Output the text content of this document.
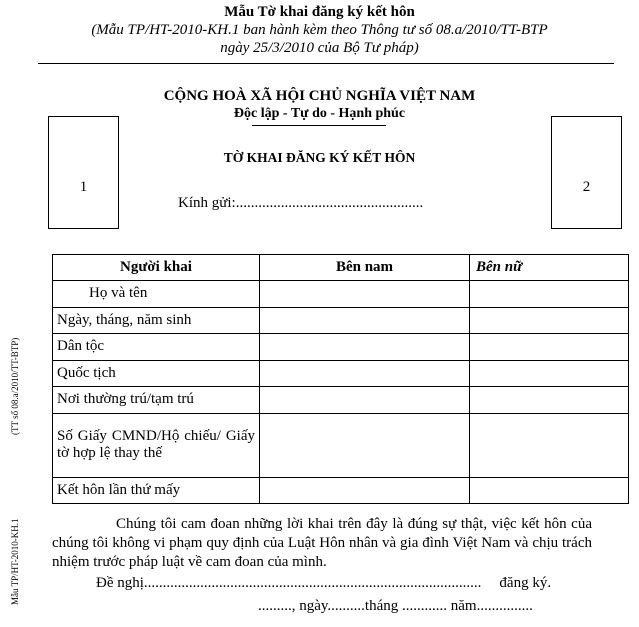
Mẫu Tờ khai đăng ký kết hôn
(Mẫu TP/HT-2010-KH.1 ban hành kèm theo Thông tư số 08.a/2010/TT-BTP
ngày 25/3/2010 của Bộ Tư pháp)
CỘNG HOÀ XÃ HỘI CHỦ NGHĨA VIỆT NAM
Độc lập - Tự do - Hạnh phúc
1	2
TỜ KHAI ĐĂNG KÝ KẾT HÔN
Kính gửi:..................................................
Người khai	Bên nam	Bên nữ
Họ và tên		
Ngày, tháng, năm sinh		
Dân tộc		
Quốc tịch		
Nơi thường trú/tạm trú		

Số Giấy CMND/Hộ chiếu/ Giấy tờ hợp lệ thay thế		

Kết hôn lần thứ mấy		
(TT số 08.a/2010/TT-BTP)
Mẫu TP/HT-2010-KH.1	Chúng tôi cam đoan những lời khai trên đây là đúng sự thật, việc kết hôn của chúng tôi không vi phạm quy định của Luật Hôn nhân và gia đình Việt Nam và chịu trách nhiệm trước pháp luật về cam đoan của mình.
Đề nghị.......................................................................................... đăng ký.
........., ngày..........tháng ............ năm...............
